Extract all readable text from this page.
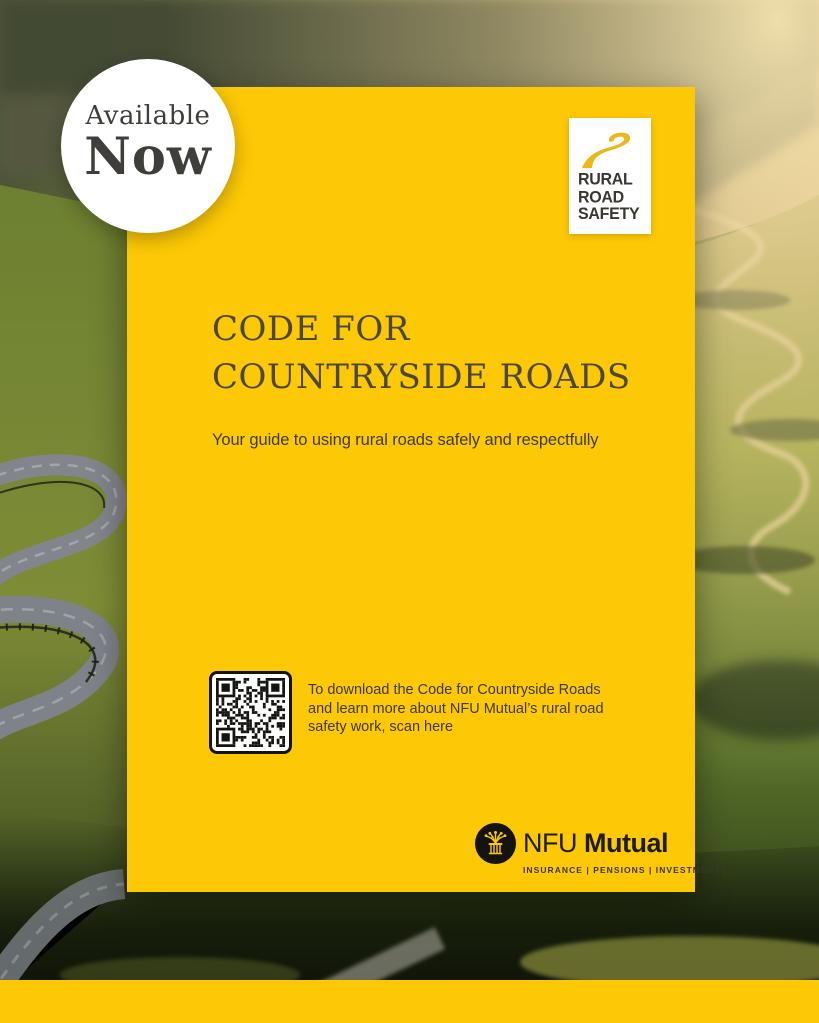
RURAL
ROAD
SAFETY
CODE FOR
COUNTRYSIDE ROADS
Your guide to using rural roads safely and respectfully
To download the Code for Countryside Roads
and learn more about NFU Mutual’s rural road
safety work, scan here
NFU Mutual
INSURANCE | PENSIONS | INVESTMENTS
Available
Now
